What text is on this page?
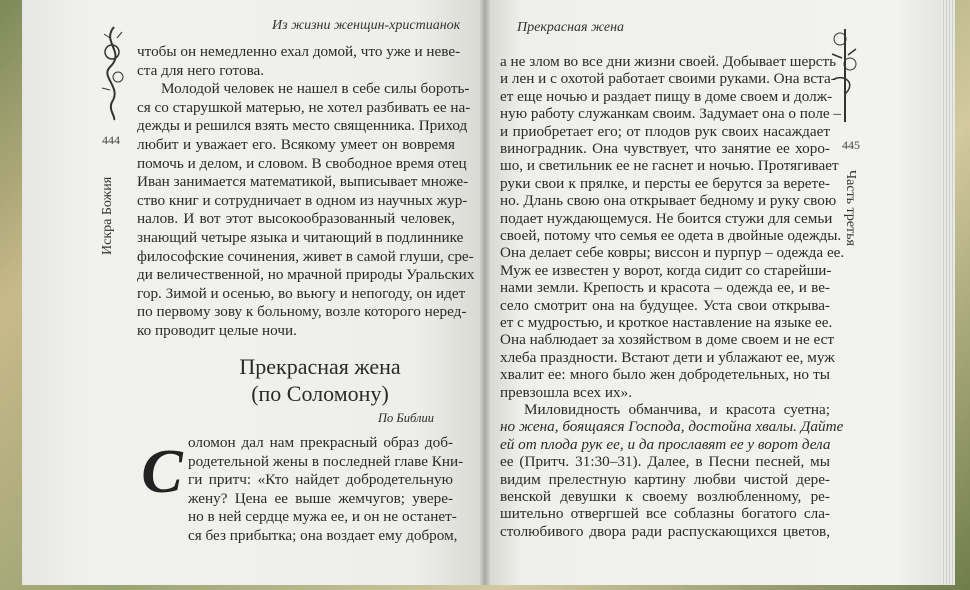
Из жизни женщин-христианок
444
Искра Божия
чтобы он немедленно ехал домой, что уже и неве-
ста для него готова.
Молодой человек не нашел в себе силы бороть-
ся со старушкой матерью, не хотел разбивать ее на-
дежды и решился взять место священника. Приход
любит и уважает его. Всякому умеет он вовремя
помочь и делом, и словом. В свободное время отец
Иван занимается математикой, выписывает множе-
ство книг и сотрудничает в одном из научных жур-
налов. И вот этот высокообразованный человек,
знающий четыре языка и читающий в подлиннике
философские сочинения, живет в самой глуши, сре-
ди величественной, но мрачной природы Уральских
гор. Зимой и осенью, во вьюгу и непогоду, он идет
по первому зову к больному, возле которого неред-
ко проводит целые ночи.
Прекрасная жена
(по Соломону)
По Библии
С оломон дал нам прекрасный образ доб-
родетельной жены в последней главе Кни-
ги притч: «Кто найдет добродетельную
жену? Цена ее выше жемчугов; увере-
но в ней сердце мужа ее, и он не останет-
ся без прибытка; она воздает ему добром,
Прекрасная жена
445
Часть третья
а не злом во все дни жизни своей. Добывает шерсть
и лен и с охотой работает своими руками. Она вста-
ет еще ночью и раздает пищу в доме своем и долж-
ную работу служанкам своим. Задумает она о поле –
и приобретает его; от плодов рук своих насаждает
виноградник. Она чувствует, что занятие ее хоро-
шо, и светильник ее не гаснет и ночью. Протягивает
руки свои к прялке, и персты ее берутся за верете-
но. Длань свою она открывает бедному и руку свою
подает нуждающемуся. Не боится стужи для семьи
своей, потому что семья ее одета в двойные одежды.
Она делает себе ковры; виссон и пурпур – одежда ее.
Муж ее известен у ворот, когда сидит со старейши-
нами земли. Крепость и красота – одежда ее, и ве-
село смотрит она на будущее. Уста свои открыва-
ет с мудростью, и кроткое наставление на языке ее.
Она наблюдает за хозяйством в доме своем и не ест
хлеба праздности. Встают дети и ублажают ее, муж
хвалит ее: много было жен добродетельных, но ты
превзошла всех их».
Миловидность обманчива, и красота суетна;
но жена, боящаяся Господа, достойна хвалы. Дайте
ей от плода рук ее, и да прославят ее у ворот дела
ее (Притч. 31:30–31). Далее, в Песни песней, мы
видим прелестную картину любви чистой дере-
венской девушки к своему возлюбленному, ре-
шительно отвергшей все соблазны богатого сла-
столюбивого двора ради распускающихся цветов,
